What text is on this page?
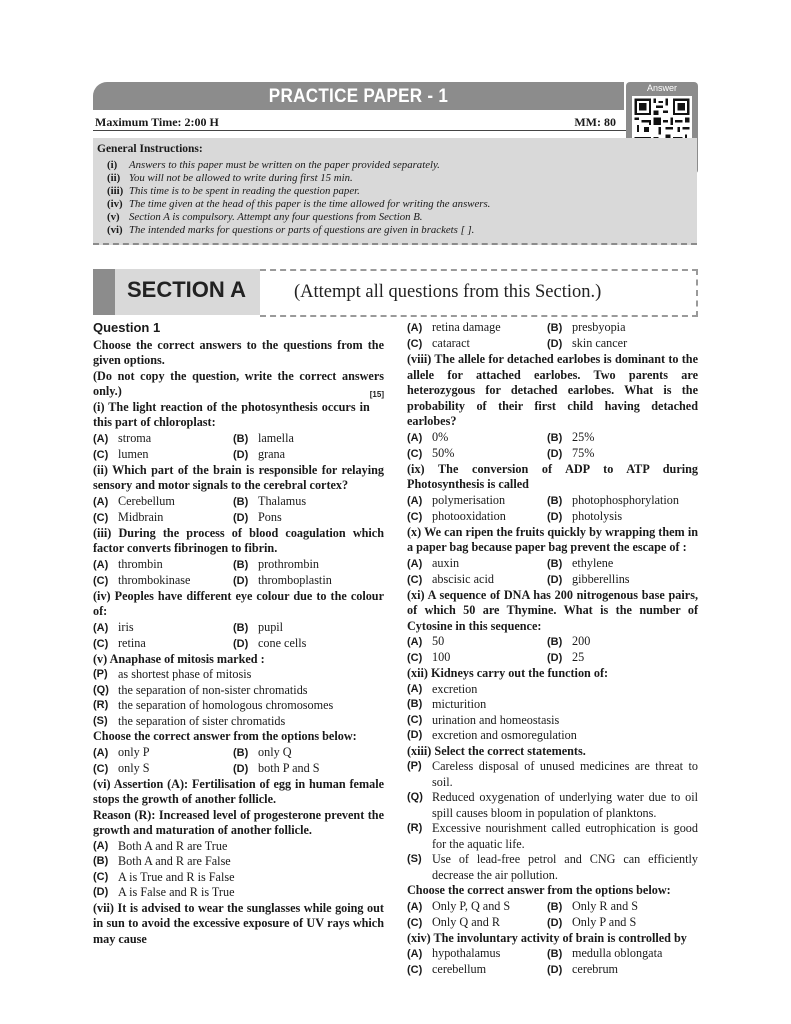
PRACTICE PAPER - 1
Maximum Time: 2:00 H	MM: 80
Answer
General Instructions:
(i) Answers to this paper must be written on the paper provided separately.
(ii) You will not be allowed to write during first 15 min.
(iii) This time is to be spent in reading the question paper.
(iv) The time given at the head of this paper is the time allowed for writing the answers.
(v) Section A is compulsory. Attempt any four questions from Section B.
(vi) The intended marks for questions or parts of questions are given in brackets [ ].
SECTION A	(Attempt all questions from this Section.)
Question 1
Choose the correct answers to the questions from the given options.
(Do not copy the question, write the correct answers only.)	[15]
(i) The light reaction of the photosynthesis occurs in this part of chloroplast:
(A) stroma	(B) lamella
(C) lumen	(D) grana
(ii) Which part of the brain is responsible for relaying sensory and motor signals to the cerebral cortex?
(A) Cerebellum	(B) Thalamus
(C) Midbrain	(D) Pons
(iii) During the process of blood coagulation which factor converts fibrinogen to fibrin.
(A) thrombin	(B) prothrombin
(C) thrombokinase	(D) thromboplastin
(iv) Peoples have different eye colour due to the colour of:
(A) iris	(B) pupil
(C) retina	(D) cone cells
(v) Anaphase of mitosis marked :
(P) as shortest phase of mitosis
(Q) the separation of non-sister chromatids
(R) the separation of homologous chromosomes
(S) the separation of sister chromatids
Choose the correct answer from the options below:
(A) only P	(B) only Q
(C) only S	(D) both P and S
(vi) Assertion (A): Fertilisation of egg in human female stops the growth of another follicle.
Reason (R): Increased level of progesterone prevent the growth and maturation of another follicle.
(A) Both A and R are True
(B) Both A and R are False
(C) A is True and R is False
(D) A is False and R is True
(vii) It is advised to wear the sunglasses while going out in sun to avoid the excessive exposure of UV rays which may cause
(A) retina damage	(B) presbyopia
(C) cataract	(D) skin cancer
(viii) The allele for detached earlobes is dominant to the allele for attached earlobes. Two parents are heterozygous for detached earlobes. What is the probability of their first child having detached earlobes?
(A) 0%	(B) 25%
(C) 50%	(D) 75%
(ix) The conversion of ADP to ATP during Photosynthesis is called
(A) polymerisation	(B) photophosphorylation
(C) photooxidation	(D) photolysis
(x) We can ripen the fruits quickly by wrapping them in a paper bag because paper bag prevent the escape of :
(A) auxin	(B) ethylene
(C) abscisic acid	(D) gibberellins
(xi) A sequence of DNA has 200 nitrogenous base pairs, of which 50 are Thymine. What is the number of Cytosine in this sequence:
(A) 50	(B) 200
(C) 100	(D) 25
(xii) Kidneys carry out the function of:
(A) excretion
(B) micturition
(C) urination and homeostasis
(D) excretion and osmoregulation
(xiii) Select the correct statements.
(P) Careless disposal of unused medicines are threat to soil.
(Q) Reduced oxygenation of underlying water due to oil spill causes bloom in population of planktons.
(R) Excessive nourishment called eutrophication is good for the aquatic life.
(S) Use of lead-free petrol and CNG can efficiently decrease the air pollution.
Choose the correct answer from the options below:
(A) Only P, Q and S	(B) Only R and S
(C) Only Q and R	(D) Only P and S
(xiv) The involuntary activity of brain is controlled by
(A) hypothalamus	(B) medulla oblongata
(C) cerebellum	(D) cerebrum
